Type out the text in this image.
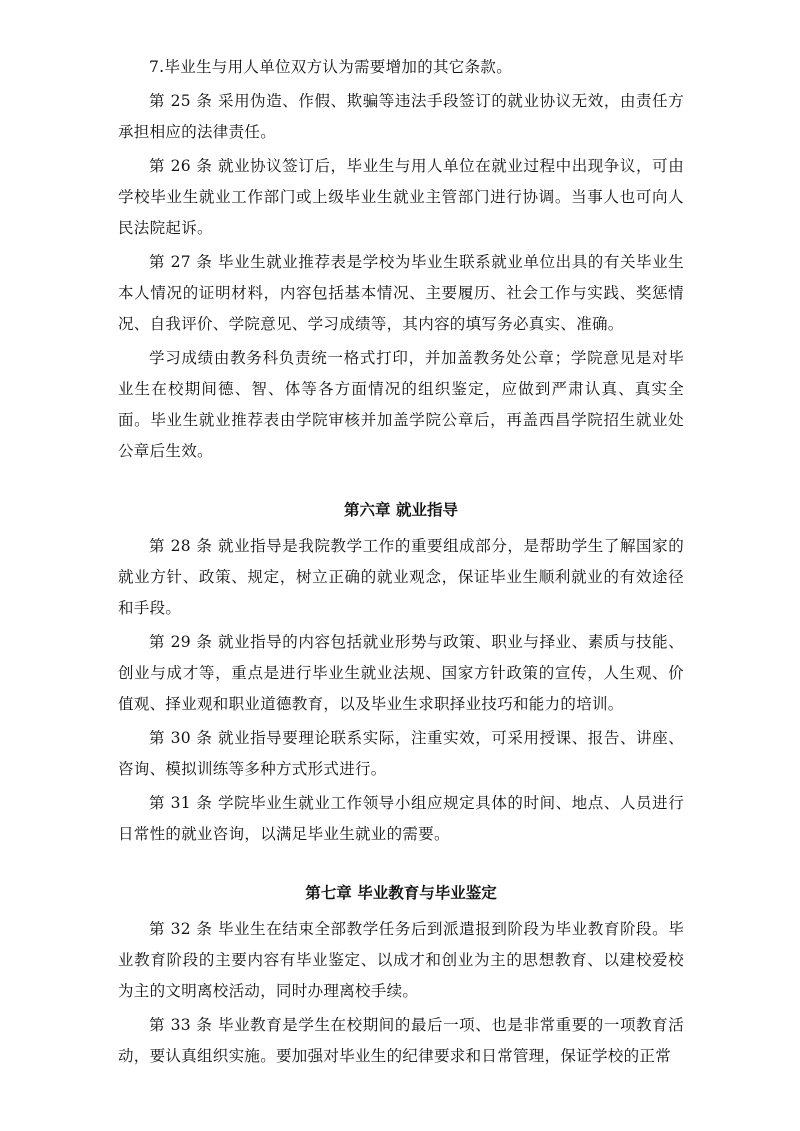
7.毕业生与用人单位双方认为需要增加的其它条款。

第 25 条 采用伪造、作假、欺骗等违法手段签订的就业协议无效，由责任方承担相应的法律责任。

第 26 条 就业协议签订后，毕业生与用人单位在就业过程中出现争议，可由学校毕业生就业工作部门或上级毕业生就业主管部门进行协调。当事人也可向人民法院起诉。

第 27 条 毕业生就业推荐表是学校为毕业生联系就业单位出具的有关毕业生本人情况的证明材料，内容包括基本情况、主要履历、社会工作与实践、奖惩情况、自我评价、学院意见、学习成绩等，其内容的填写务必真实、准确。

学习成绩由教务科负责统一格式打印，并加盖教务处公章；学院意见是对毕业生在校期间德、智、体等各方面情况的组织鉴定，应做到严肃认真、真实全面。毕业生就业推荐表由学院审核并加盖学院公章后，再盖西昌学院招生就业处公章后生效。

第六章 就业指导

第 28 条 就业指导是我院教学工作的重要组成部分，是帮助学生了解国家的就业方针、政策、规定，树立正确的就业观念，保证毕业生顺利就业的有效途径和手段。

第 29 条 就业指导的内容包括就业形势与政策、职业与择业、素质与技能、创业与成才等，重点是进行毕业生就业法规、国家方针政策的宣传，人生观、价值观、择业观和职业道德教育，以及毕业生求职择业技巧和能力的培训。

第 30 条 就业指导要理论联系实际，注重实效，可采用授课、报告、讲座、咨询、模拟训练等多种方式形式进行。

第 31 条 学院毕业生就业工作领导小组应规定具体的时间、地点、人员进行日常性的就业咨询，以满足毕业生就业的需要。

第七章 毕业教育与毕业鉴定

第 32 条 毕业生在结束全部教学任务后到派遣报到阶段为毕业教育阶段。毕业教育阶段的主要内容有毕业鉴定、以成才和创业为主的思想教育、以建校爱校为主的文明离校活动，同时办理离校手续。

第 33 条 毕业教育是学生在校期间的最后一项、也是非常重要的一项教育活动，要认真组织实施。要加强对毕业生的纪律要求和日常管理，保证学校的正常
